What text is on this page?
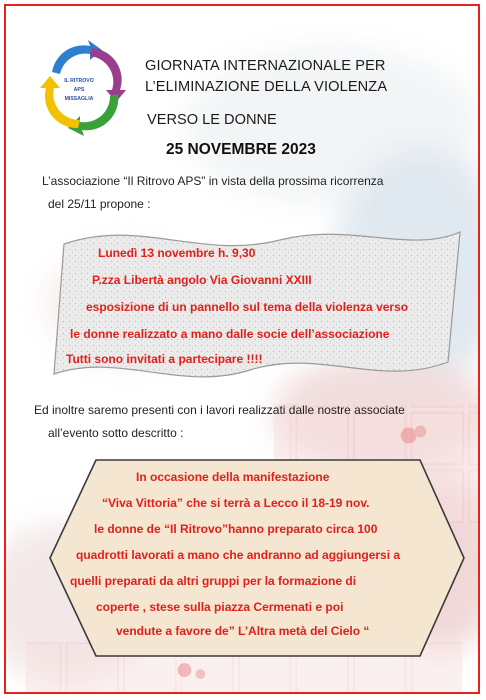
IL RITROVO
APS
MISSAGLIA
GIORNATA INTERNAZIONALE PER
L’ELIMINAZIONE DELLA VIOLENZA
VERSO LE DONNE
25 NOVEMBRE 2023
L’associazione “Il Ritrovo APS” in vista della prossima ricorrenza
del 25/11 propone :
Lunedì 13 novembre h. 9,30
P.zza Libertà angolo Via Giovanni XXIII
esposizione di un pannello sul tema della violenza verso
le donne realizzato a mano dalle socie dell’associazione
Tutti sono invitati a partecipare !!!!
Ed inoltre saremo presenti con i lavori realizzati dalle nostre associate
all’evento sotto descritto :
In occasione della manifestazione
“Viva Vittoria” che si terrà a Lecco il 18-19 nov.
le donne de “Il Ritrovo”hanno preparato circa 100
quadrotti lavorati a mano che andranno ad aggiungersi a
quelli preparati da altri gruppi per la formazione di
coperte , stese sulla piazza Cermenati e poi
vendute a favore de” L’Altra metà del Cielo “
